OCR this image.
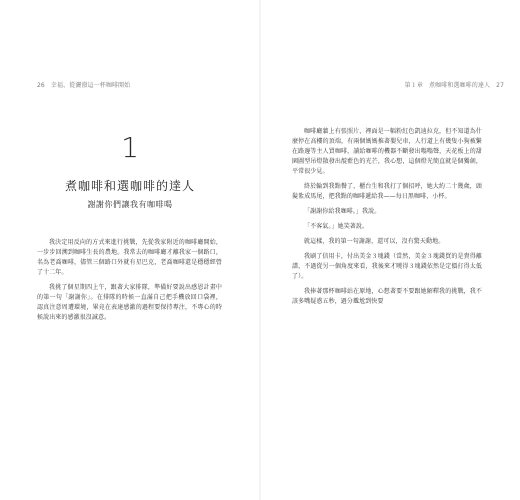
26　幸福，從灑潑這一杯咖啡開始
1
煮咖啡和選咖啡的達人
謝謝你們讓我有咖啡喝

我決定用反向的方式來進行挑戰，先從我家附近的咖啡廳開始，一步步回溯到咖啡生長的農地。我常去的咖啡廳才離我家一個路口，名為老喬咖啡，儘管三個路口外就有星巴克，老喬咖啡還是穩穩經營了十二年。

我挑了個星期四上午，跟著大家排隊，準備好要說出感恩計畫中的第一句「謝謝你」。在排隊的時候一直滿自己把手機放回口袋裡，認真注意周遭環境，畢竟在表達感激的過程要保持專注，不專心的時候說出來的感激很沒誠意。

第１章　煮咖啡和選咖啡的達人　27

咖啡廳牆上有張照片，裡面是一幅粉紅色凱迪拉克，但不知道為什麼停在高樓的頂端，有兩個媽媽推著嬰兒車，人行道上有幾隻小狗被繫在路邊等主人買咖啡，讀給咖啡的機器不斷發出嗡嗡聲，天花板上的甜園圖型吊燈散發出靛藍色的光芒，我心想，這個燈光簡直就是個獨創，平常很少見。

終於輪到我點餐了，櫃台生和我打了個招呼，她大約二十幾歲，頭髮紮成馬尾，把我點的咖啡遞給我——每日黑咖啡，小杯。

「謝謝你給我咖啡。」我說。

「不客氣。」她笑著說。

就這樣，我的第一句謝謝，還可以，沒有驚天動地。

我刷了信用卡，付出美金３塊錢（當然，美金３塊錢買的是貴得離譜，不過從另一個角度來看，我後來才曉得３塊錢依然是定價打得太低了）。

我捧著那杯咖啡站在原地，心想著要不要跟她解釋我的挑戰，我不該多嘴疑惑五秒，過分尷尬到快要
